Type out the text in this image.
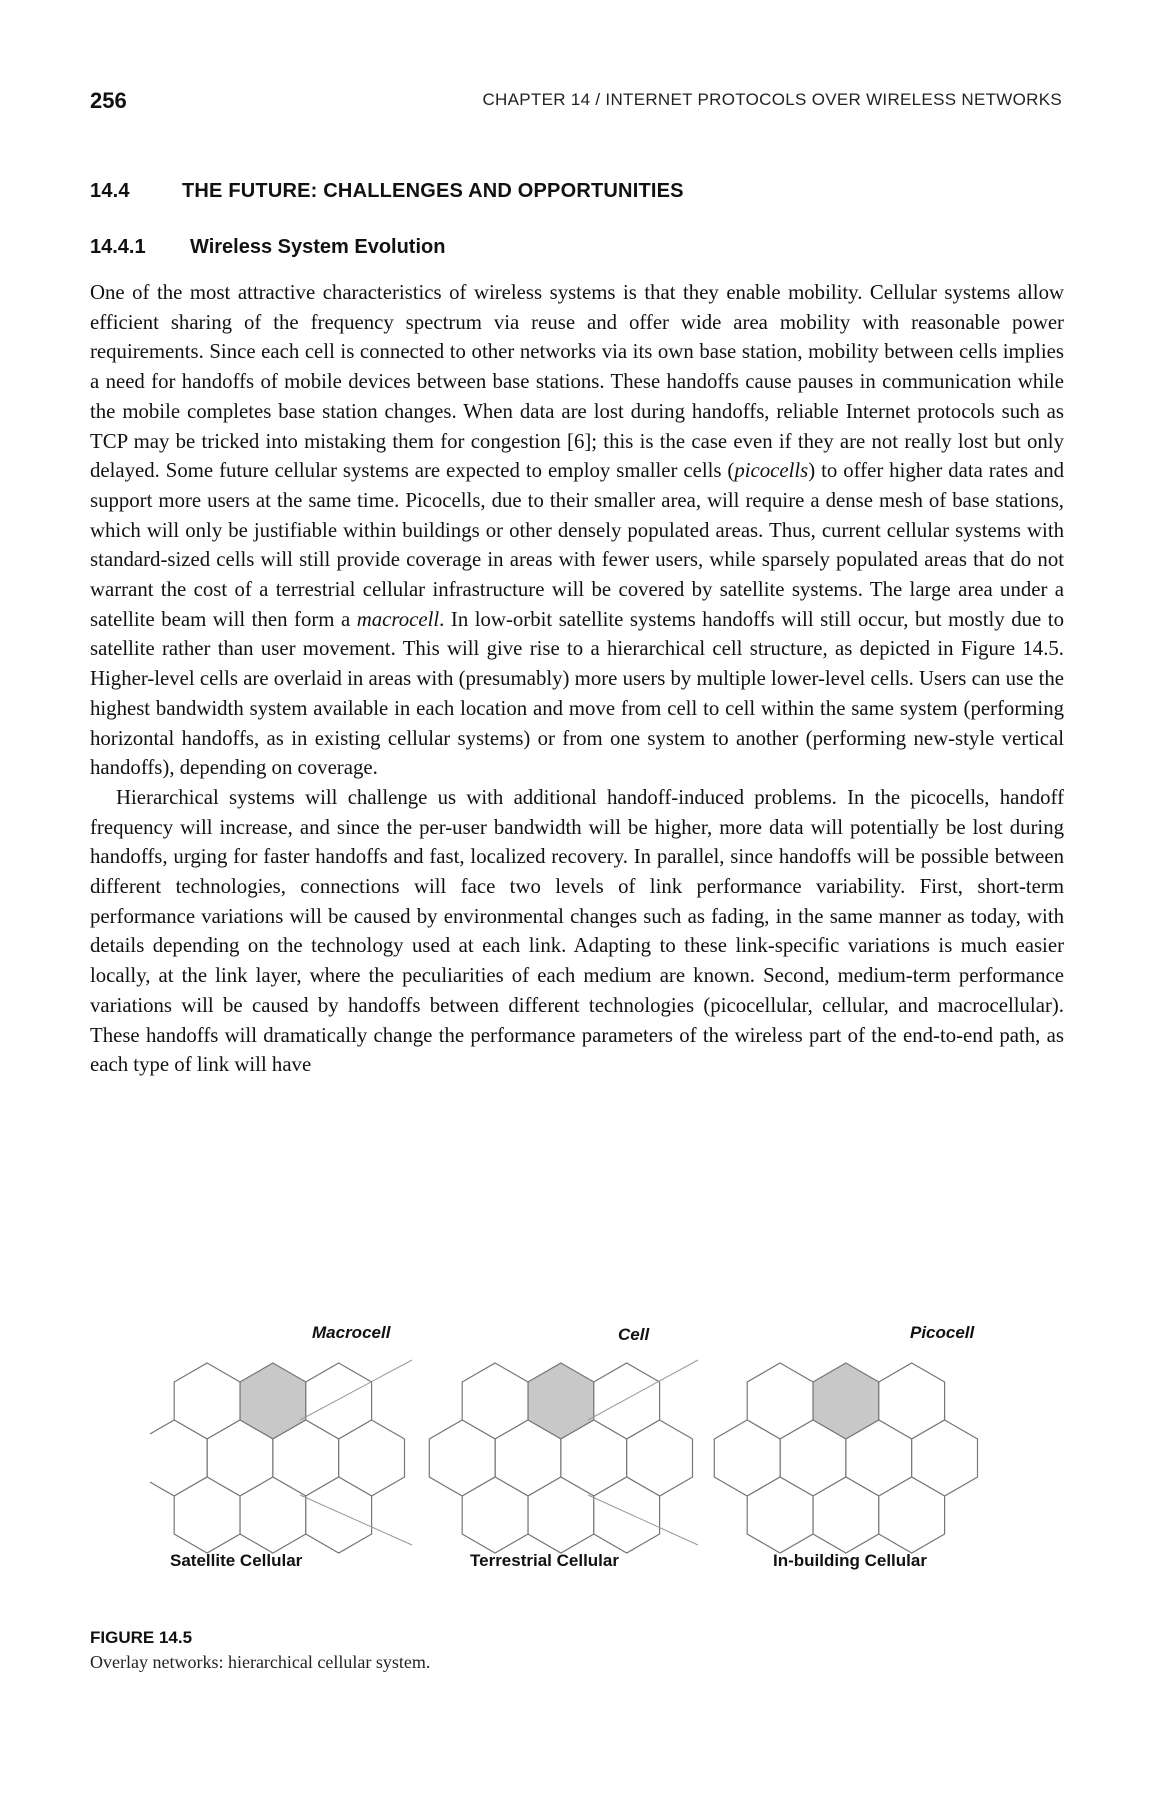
256	CHAPTER 14 / INTERNET PROTOCOLS OVER WIRELESS NETWORKS
14.4	THE FUTURE: CHALLENGES AND OPPORTUNITIES
14.4.1 Wireless System Evolution

One of the most attractive characteristics of wireless systems is that they enable mobility. Cellular systems allow efficient sharing of the frequency spectrum via reuse and offer wide area mobility with reasonable power requirements. Since each cell is connected to other networks via its own base station, mobility between cells implies a need for handoffs of mobile devices between base stations. These handoffs cause pauses in communication while the mobile completes base station changes. When data are lost during handoffs, reliable Internet protocols such as TCP may be tricked into mistaking them for congestion [6]; this is the case even if they are not really lost but only delayed. Some future cellular systems are expected to employ smaller cells (picocells) to offer higher data rates and support more users at the same time. Picocells, due to their smaller area, will require a dense mesh of base stations, which will only be justifiable within buildings or other densely populated areas. Thus, current cellular systems with standard-sized cells will still provide coverage in areas with fewer users, while sparsely populated areas that do not warrant the cost of a terrestrial cellular infrastructure will be covered by satellite systems. The large area under a satellite beam will then form a macrocell. In low-orbit satellite systems handoffs will still occur, but mostly due to satellite rather than user movement. This will give rise to a hierarchical cell structure, as depicted in Figure 14.5. Higher-level cells are overlaid in areas with (presumably) more users by multiple lower-level cells. Users can use the highest bandwidth system available in each location and move from cell to cell within the same system (performing horizontal handoffs, as in existing cellular systems) or from one system to another (performing new-style vertical handoffs), depending on coverage.

Hierarchical systems will challenge us with additional handoff-induced problems. In the picocells, handoff frequency will increase, and since the per-user bandwidth will be higher, more data will potentially be lost during handoffs, urging for faster handoffs and fast, localized recovery. In parallel, since handoffs will be possible between different technologies, connections will face two levels of link performance variability. First, short-term performance variations will be caused by environmental changes such as fading, in the same manner as today, with details depending on the technology used at each link. Adapting to these link-specific variations is much easier locally, at the link layer, where the peculiarities of each medium are known. Second, medium-term performance variations will be caused by handoffs between different technologies (picocellular, cellular, and macrocellular). These handoffs will dramatically change the performance parameters of the wireless part of the end-to-end path, as each type of link will have

Macrocell	Cell	Picocell
Satellite Cellular	Terrestrial Cellular	In-building Cellular
FIGURE 14.5
Overlay networks: hierarchical cellular system.
